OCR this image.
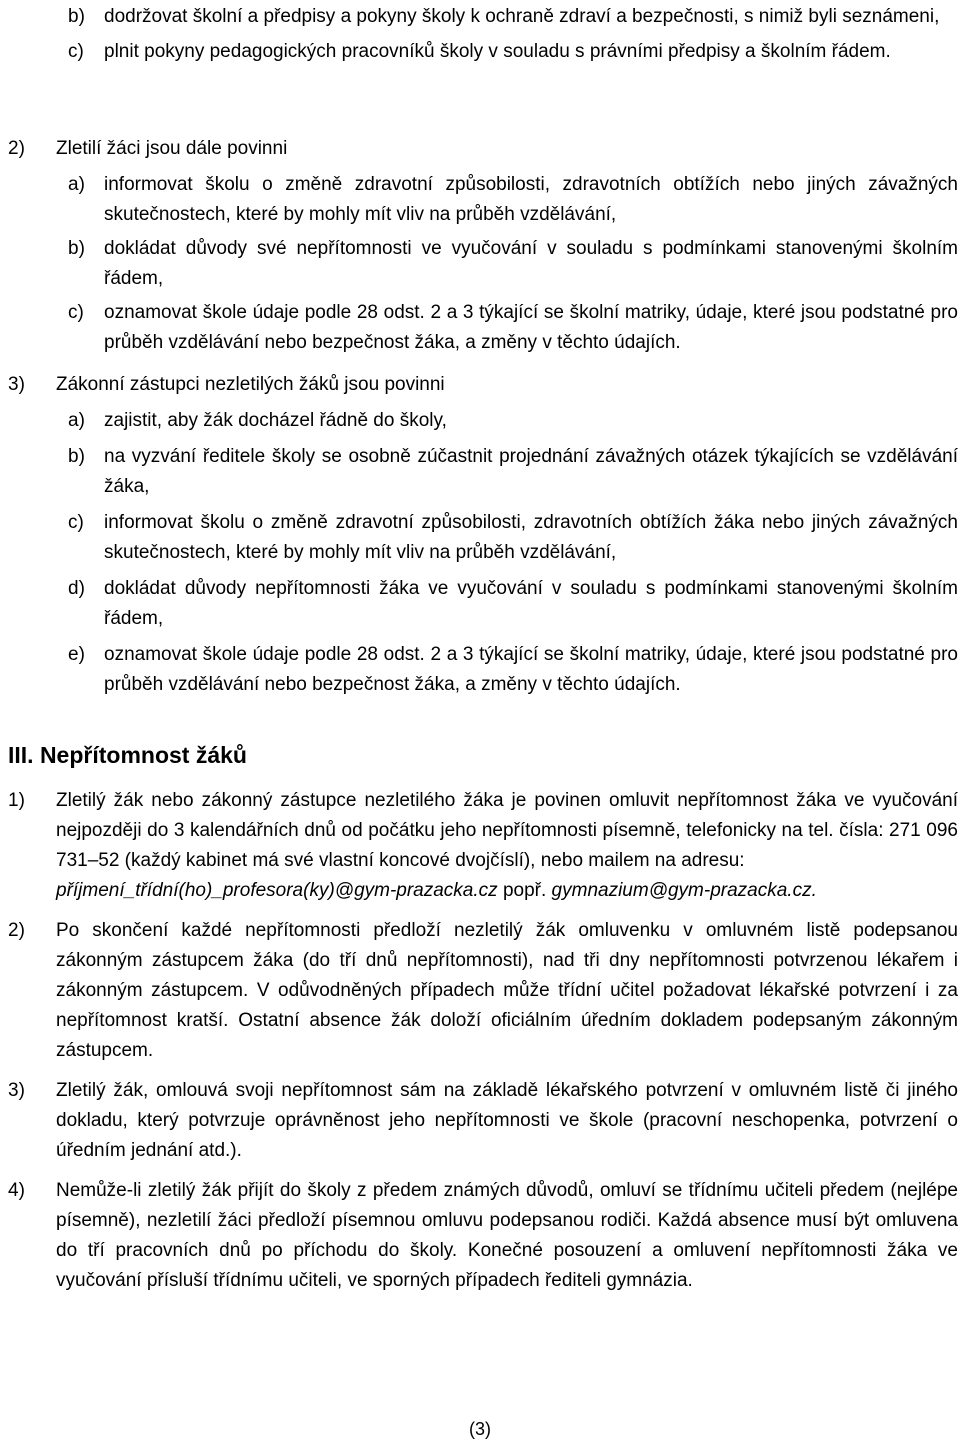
b) dodržovat školní a předpisy a pokyny školy k ochraně zdraví a bezpečnosti, s nimiž byli seznámeni,
c) plnit pokyny pedagogických pracovníků školy v souladu s právními předpisy a školním řádem.
2) Zletilí žáci jsou dále povinni
a) informovat školu o změně zdravotní způsobilosti, zdravotních obtížích nebo jiných závažných skutečnostech, které by mohly mít vliv na průběh vzdělávání,
b) dokládat důvody své nepřítomnosti ve vyučování v souladu s podmínkami stanovenými školním řádem,
c) oznamovat škole údaje podle 28 odst. 2 a 3 týkající se školní matriky, údaje, které jsou podstatné pro průběh vzdělávání nebo bezpečnost žáka, a změny v těchto údajích.
3) Zákonní zástupci nezletilých žáků jsou povinni
a) zajistit, aby žák docházel řádně do školy,
b) na vyzvání ředitele školy se osobně zúčastnit projednání závažných otázek týkajících se vzdělávání žáka,
c) informovat školu o změně zdravotní způsobilosti, zdravotních obtížích žáka nebo jiných závažných skutečnostech, které by mohly mít vliv na průběh vzdělávání,
d) dokládat důvody nepřítomnosti žáka ve vyučování v souladu s podmínkami stanovenými školním řádem,
e) oznamovat škole údaje podle 28 odst. 2 a 3 týkající se školní matriky, údaje, které jsou podstatné pro průběh vzdělávání nebo bezpečnost žáka, a změny v těchto údajích.
III. Nepřítomnost žáků
1) Zletilý žák nebo zákonný zástupce nezletilého žáka je povinen omluvit nepřítomnost žáka ve vyučování nejpozději do 3 kalendářních dnů od počátku jeho nepřítomnosti písemně, telefonicky na tel. čísla: 271 096 731–52 (každý kabinet má své vlastní koncové dvojčíslí), nebo mailem na adresu:
příjmení_třídní(ho)_profesora(ky)@gym-prazacka.cz popř. gymnazium@gym-prazacka.cz.
2) Po skončení každé nepřítomnosti předloží nezletilý žák omluvenku v omluvném listě podepsanou zákonným zástupcem žáka (do tří dnů nepřítomnosti), nad tři dny nepřítomnosti potvrzenou lékařem i zákonným zástupcem. V odůvodněných případech může třídní učitel požadovat lékařské potvrzení i za nepřítomnost kratší. Ostatní absence žák doloží oficiálním úředním dokladem podepsaným zákonným zástupcem.
3) Zletilý žák, omlouvá svoji nepřítomnost sám na základě lékařského potvrzení v omluvném listě či jiného dokladu, který potvrzuje oprávněnost jeho nepřítomnosti ve škole (pracovní neschopenka, potvrzení o úředním jednání atd.).
4) Nemůže-li zletilý žák přijít do školy z předem známých důvodů, omluví se třídnímu učiteli předem (nejlépe písemně), nezletilí žáci předloží písemnou omluvu podepsanou rodiči. Každá absence musí být omluvena do tří pracovních dnů po příchodu do školy. Konečné posouzení a omluvení nepřítomnosti žáka ve vyučování přísluší třídnímu učiteli, ve sporných případech řediteli gymnázia.
(3)
